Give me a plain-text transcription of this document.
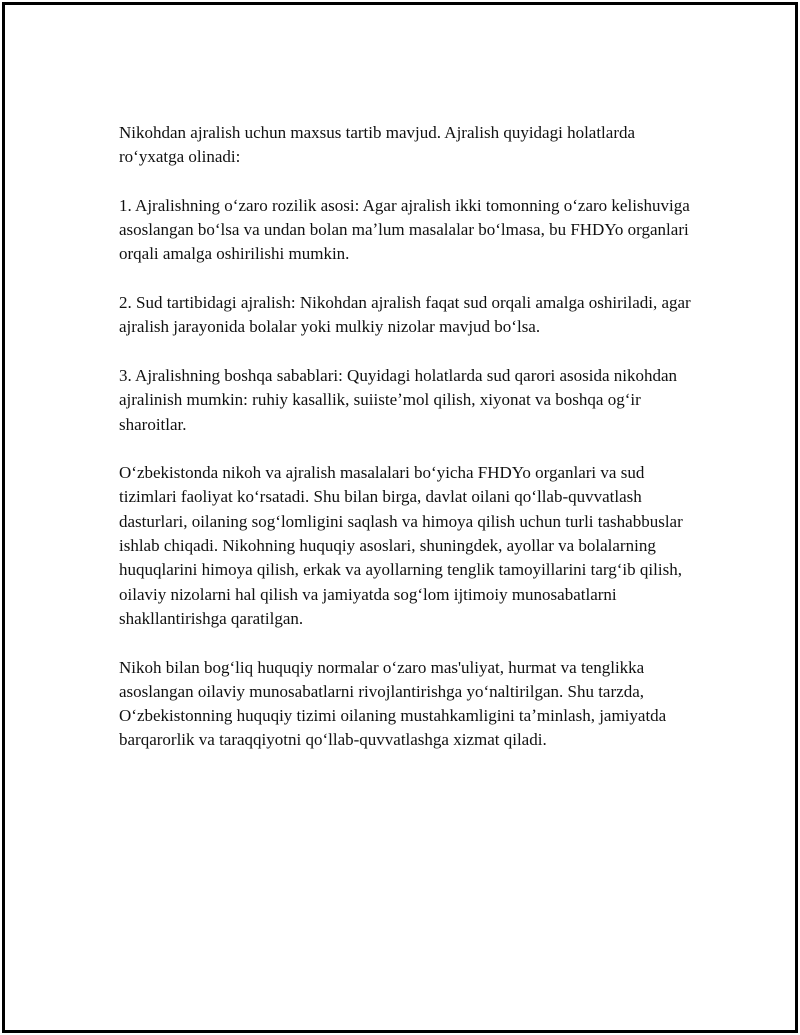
Nikohdan ajralish uchun maxsus tartib mavjud. Ajralish quyidagi holatlarda roʻyxatga olinadi:

1. Ajralishning oʻzaro rozilik asosi: Agar ajralish ikki tomonning oʻzaro kelishuviga asoslangan boʻlsa va undan bolan maʼlum masalalar boʻlmasa, bu FHDYo organlari orqali amalga oshirilishi mumkin.

2. Sud tartibidagi ajralish: Nikohdan ajralish faqat sud orqali amalga oshiriladi, agar ajralish jarayonida bolalar yoki mulkiy nizolar mavjud boʻlsa.

3. Ajralishning boshqa sabablari: Quyidagi holatlarda sud qarori asosida nikohdan ajralinish mumkin: ruhiy kasallik, suiisteʼmol qilish, xiyonat va boshqa ogʻir sharoitlar.

Oʻzbekistonda nikoh va ajralish masalalari boʻyicha FHDYo organlari va sud tizimlari faoliyat koʻrsatadi. Shu bilan birga, davlat oilani qoʻllab-quvvatlash dasturlari, oilaning sogʻlomligini saqlash va himoya qilish uchun turli tashabbuslar ishlab chiqadi. Nikohning huquqiy asoslari, shuningdek, ayollar va bolalarning huquqlarini himoya qilish, erkak va ayollarning tenglik tamoyillarini targʻib qilish, oilaviy nizolarni hal qilish va jamiyatda sogʻlom ijtimoiy munosabatlarni shakllantirishga qaratilgan.

Nikoh bilan bogʻliq huquqiy normalar oʻzaro mas'uliyat, hurmat va tenglikka asoslangan oilaviy munosabatlarni rivojlantirishga yoʻnaltirilgan. Shu tarzda, Oʻzbekistonning huquqiy tizimi oilaning mustahkamligini taʼminlash, jamiyatda barqarorlik va taraqqiyotni qoʻllab-quvvatlashga xizmat qiladi.
